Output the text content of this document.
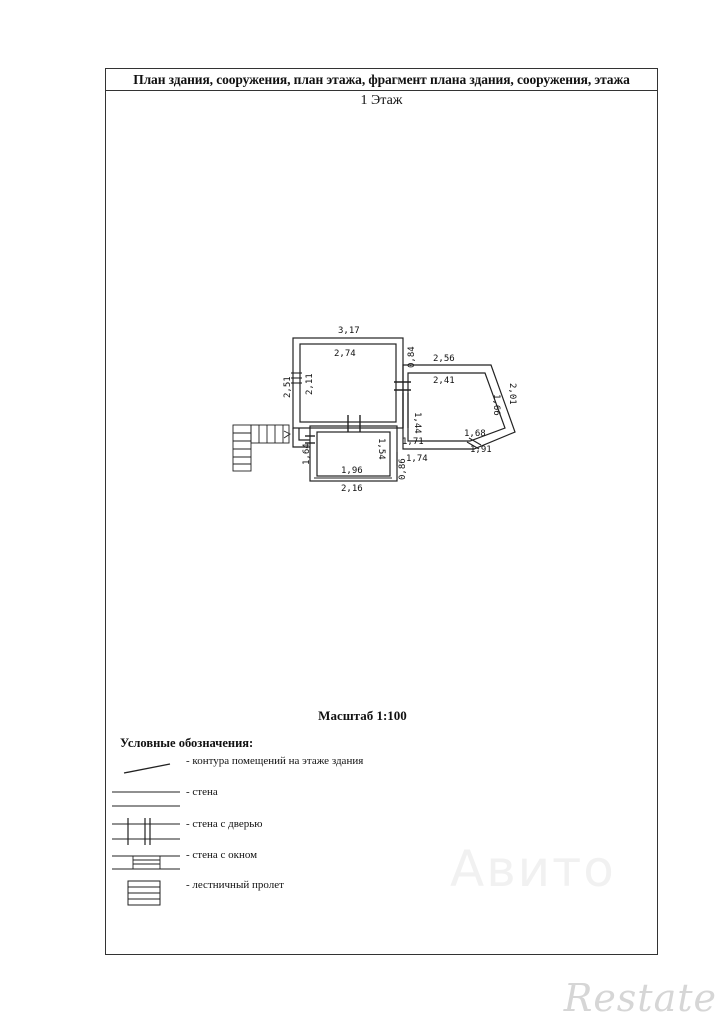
План здания, сооружения, план этажа, фрагмент плана здания, сооружения, этажа
1 Этаж
3,17
2,74
2,51 2,11
0,84
1,44
2,56
2,41
2,01
1,66
1,68
1,91
1,71
1,74
1,64	1,54
1,96
2,16
0,86
Масштаб 1:100
Условные обозначения:
- контура помещений на этаже здания
- стена
- стена с дверью
- стена с окном
- лестничный пролет	Авито
Restate
